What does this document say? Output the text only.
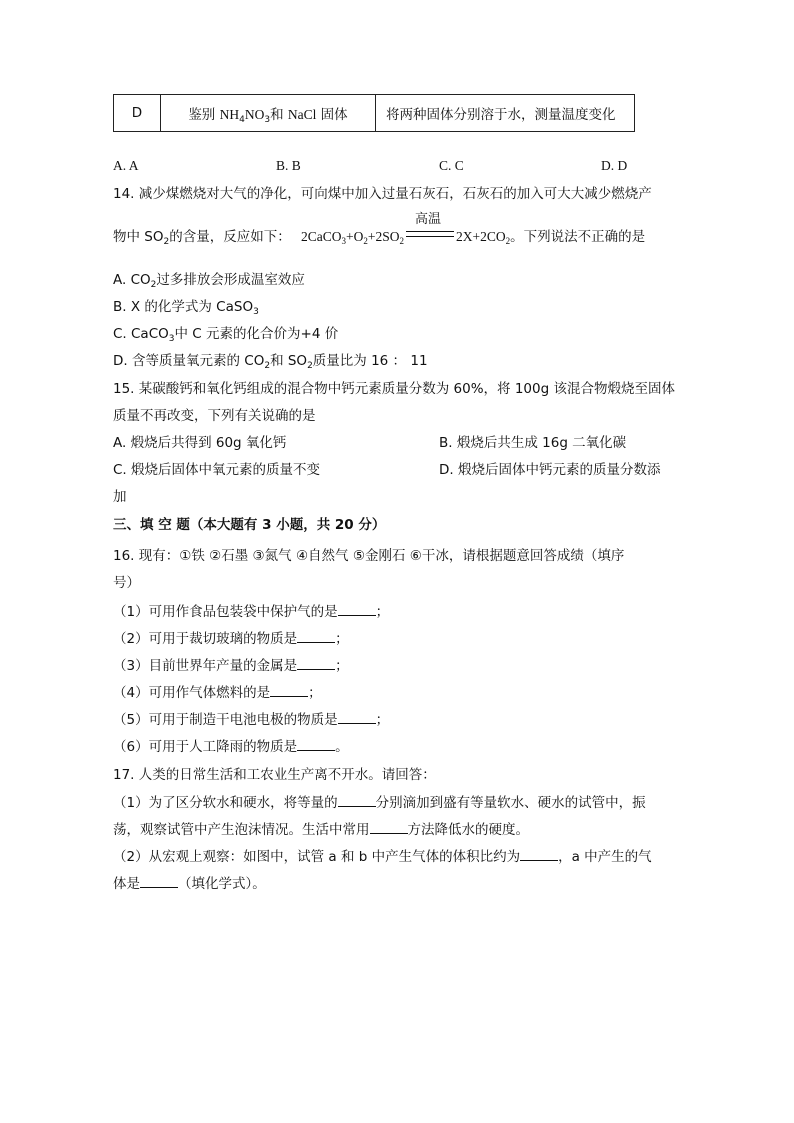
D	鉴别 $NH_4NO_3$和 NaCl 固体	将两种固体分别溶于水，测量温度变化
A. A	B. B	C. C	D. D
14. 减少煤燃烧对大气的净化，可向煤中加入过量石灰石，石灰石的加入可大大减少燃烧产
物中 $SO_2$的含量，反应如下： $2CaCO_3+O_2+2SO_2$
高温
$2X+2CO_2$。下列说法不正确的是
A. $CO_2$过多排放会形成温室效应
B. X 的化学式为 CaSO$_3$
C. CaCO$_3$中 C 元素的化合价为+4 价
D. 含等质量氧元素的 $CO_2$和 $SO_2$质量比为 16 ： 11
15. 某碳酸钙和氧化钙组成的混合物中钙元素质量分数为 60%，将 100g 该混合物煅烧至固体
质量不再改变，下列有关说确的是
A. 煅烧后共得到 60g 氧化钙	B. 煅烧后共生成 16g 二氧化碳
C. 煅烧后固体中氧元素的质量不变	D. 煅烧后固体中钙元素的质量分数添
加
三、填 空 题（本大题有 3 小题，共 20 分）
16. 现有：①铁 ②石墨 ③氮气 ④自然气 ⑤金刚石 ⑥干冰，请根据题意回答成绩（填序
号）
（1）可用作食品包装袋中保护气的是	；
（2）可用于裁切玻璃的物质是	；
（3）目前世界年产量的金属是	；
（4）可用作气体燃料的是	；
（5）可用于制造干电池电极的物质是	；
（6）可用于人工降雨的物质是	。
17. 人类的日常生活和工农业生产离不开水。请回答：
（1）为了区分软水和硬水，将等量的	分别滴加到盛有等量软水、硬水的试管中，振
荡，观察试管中产生泡沫情况。生活中常用	方法降低水的硬度。
（2）从宏观上观察：如图中，试管 a 和 b 中产生气体的体积比约为	，a 中产生的气
体是	（填化学式）。
